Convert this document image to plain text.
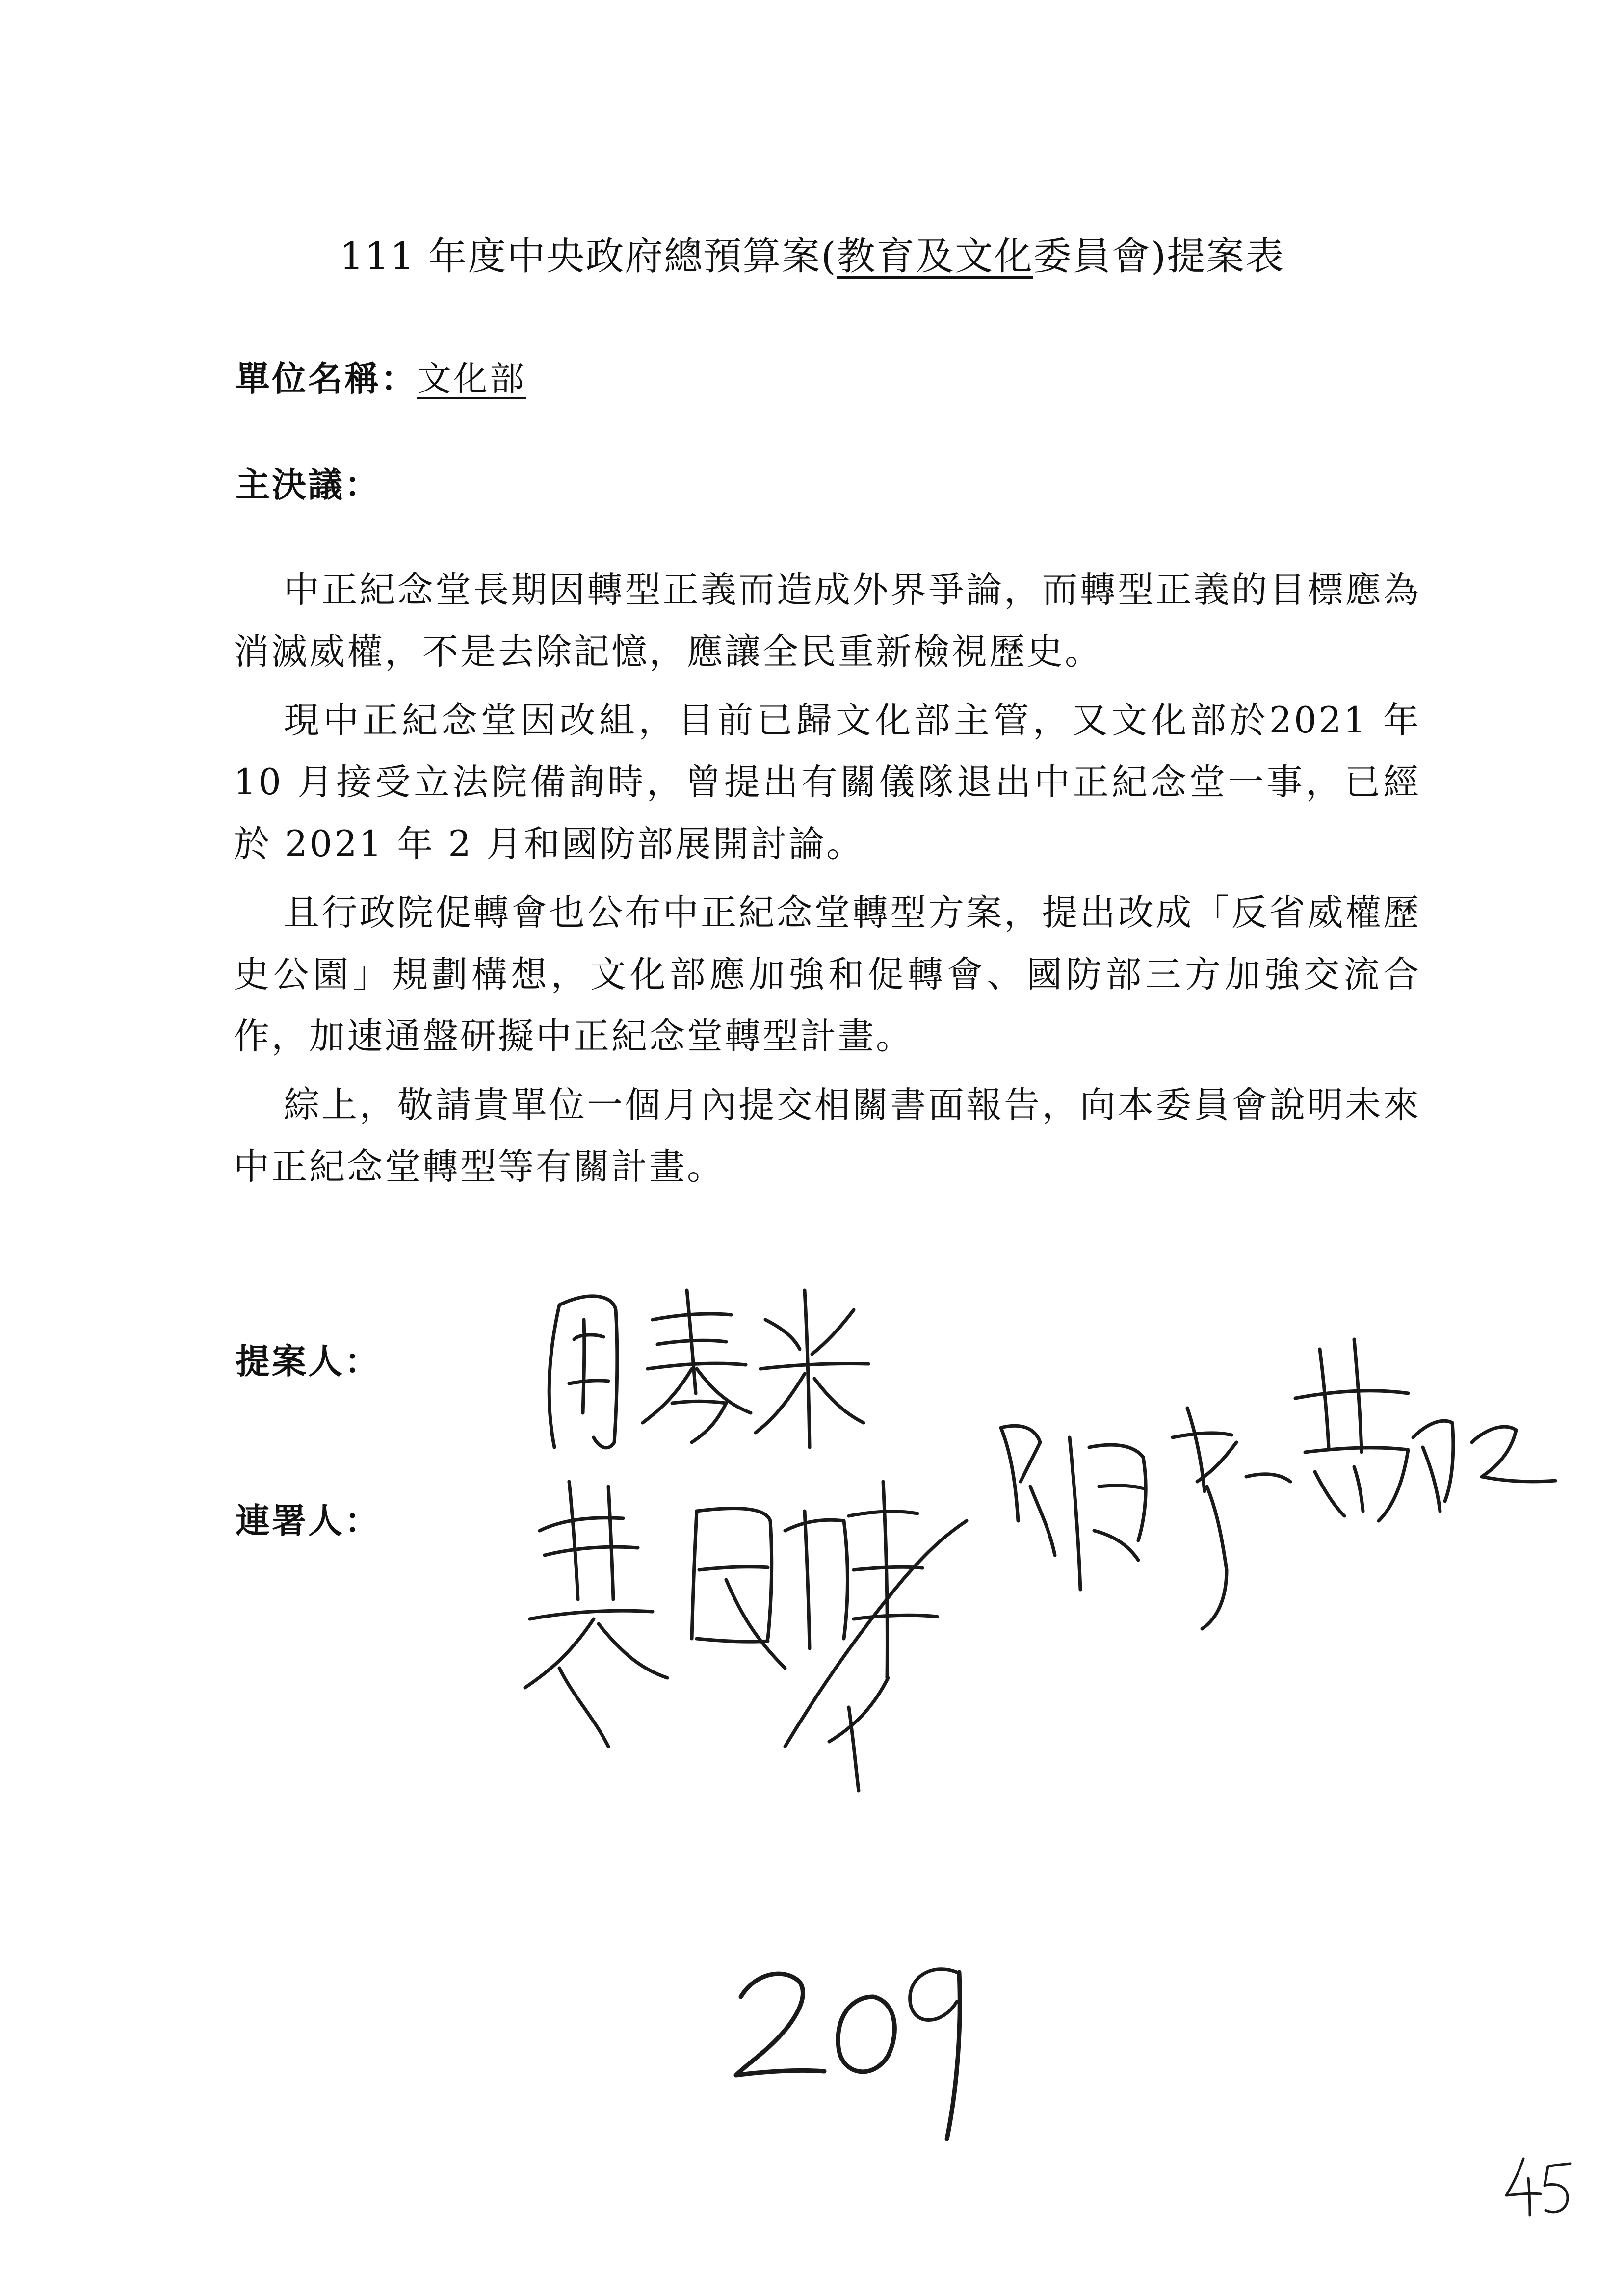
111 年度中央政府總預算案(教育及文化委員會)提案表
單位名稱：文化部
主決議：

中正紀念堂長期因轉型正義而造成外界爭論，而轉型正義的目標應為消滅威權，不是去除記憶，應讓全民重新檢視歷史。

現中正紀念堂因改組，目前已歸文化部主管，又文化部於2021 年 10 月接受立法院備詢時，曾提出有關儀隊退出中正紀念堂一事，已經於 2021 年 2 月和國防部展開討論。

且行政院促轉會也公布中正紀念堂轉型方案，提出改成「反省威權歷史公園」規劃構想，文化部應加強和促轉會、國防部三方加強交流合作，加速通盤研擬中正紀念堂轉型計畫。

綜上，敬請貴單位一個月內提交相關書面報告，向本委員會說明未來中正紀念堂轉型等有關計畫。

提案人：
連署人：
